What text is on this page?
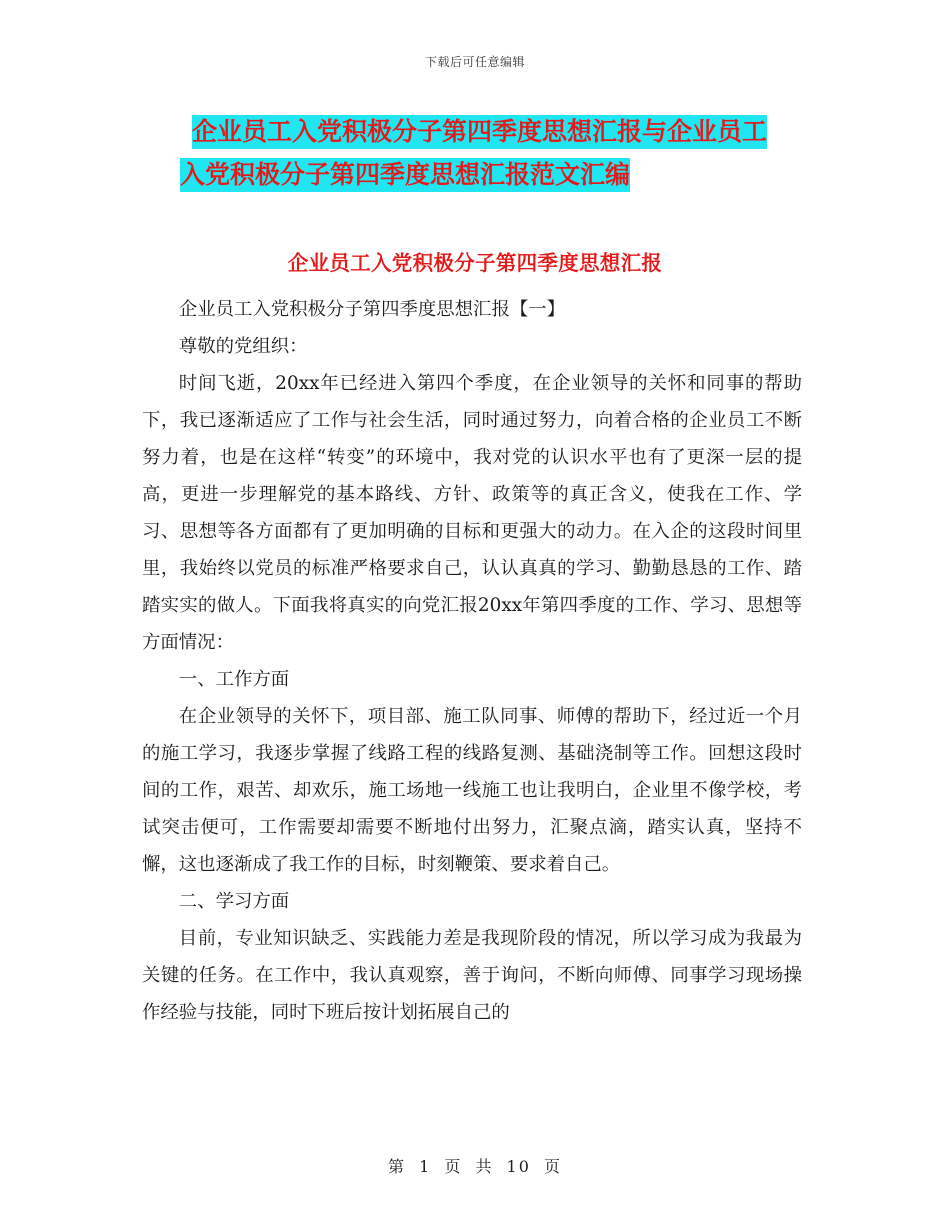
下载后可任意编辑
企业员工入党积极分子第四季度思想汇报与企业员工
入党积极分子第四季度思想汇报范文汇编
企业员工入党积极分子第四季度思想汇报

企业员工入党积极分子第四季度思想汇报【一】

尊敬的党组织：

时间飞逝，20xx年已经进入第四个季度，在企业领导的关怀和同事的帮助下，我已逐渐适应了工作与社会生活，同时通过努力，向着合格的企业员工不断努力着，也是在这样“转变”的环境中，我对党的认识水平也有了更深一层的提高，更进一步理解党的基本路线、方针、政策等的真正含义，使我在工作、学习、思想等各方面都有了更加明确的目标和更强大的动力。在入企的这段时间里里，我始终以党员的标准严格要求自己，认认真真的学习、勤勤恳恳的工作、踏踏实实的做人。下面我将真实的向党汇报20xx年第四季度的工作、学习、思想等方面情况：

一、工作方面

在企业领导的关怀下，项目部、施工队同事、师傅的帮助下，经过近一个月的施工学习，我逐步掌握了线路工程的线路复测、基础浇制等工作。回想这段时间的工作，艰苦、却欢乐，施工场地一线施工也让我明白，企业里不像学校，考试突击便可，工作需要却需要不断地付出努力，汇聚点滴，踏实认真，坚持不懈，这也逐渐成了我工作的目标，时刻鞭策、要求着自己。

二、学习方面

目前，专业知识缺乏、实践能力差是我现阶段的情况，所以学习成为我最为关键的任务。在工作中，我认真观察，善于询问，不断向师傅、同事学习现场操作经验与技能，同时下班后按计划拓展自己的

第 1 页 共 10 页
